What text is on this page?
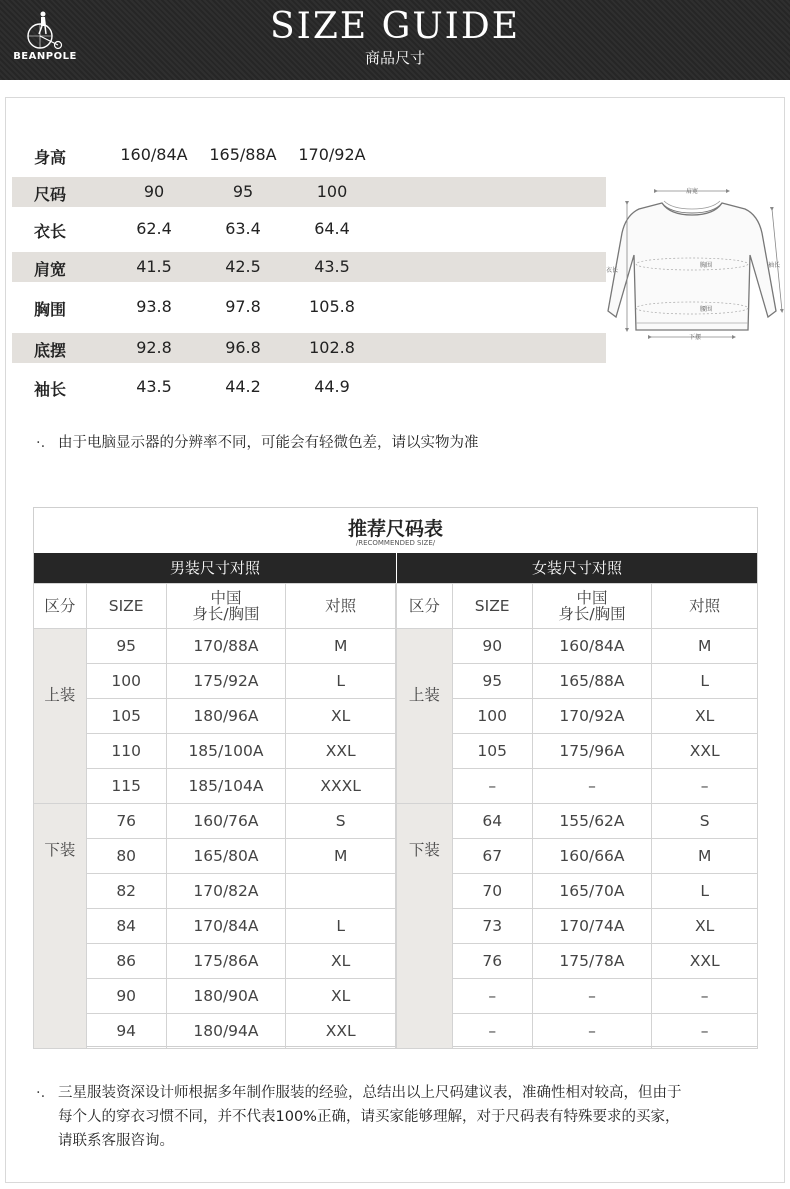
BEANPOLE
SIZE GUIDE
商品尺寸
身高	160/84A	165/88A	170/92A
尺码	90	95	100
衣长	62.4	63.4	64.4
肩宽	41.5	42.5	43.5
胸围	93.8	97.8	105.8
底摆	92.8	96.8	102.8
袖长	43.5	44.2	44.9
·. 由于电脑显示器的分辨率不同，可能会有轻微色差，请以实物为准
·. 三星服装资深设计师根据多年制作服装的经验，总结出以上尺码建议表，准确性相对较高，但由于
每个人的穿衣习惯不同，并不代表100%正确，请买家能够理解，对于尺码表有特殊要求的买家，
请联系客服咨询。
肩宽
衣长
袖长
胸围
腰围
下摆
推荐尺码表
/RECOMMENDED SIZE/
男装尺寸对照	女装尺寸对照
区分	SIZE	中国
身长/胸围	对照
上装	95	170/88A	M
	100	175/92A	L
	105	180/96A	XL
	110	185/100A	XXL
	115	185/104A	XXXL
下装	76	160/76A	S
	80	165/80A	M
	82	170/82A	
	84	170/84A	L
	86	175/86A	XL
	90	180/90A	XL
	94	180/94A	XXL
区分	SIZE	中国
身长/胸围	对照
上装	90	160/84A	M
	95	165/88A	L
	100	170/92A	XL
	105	175/96A	XXL
	–	–	–
下装	64	155/62A	S
	67	160/66A	M
	70	165/70A	L
	73	170/74A	XL
	76	175/78A	XXL
	–	–	–
	–	–	–
